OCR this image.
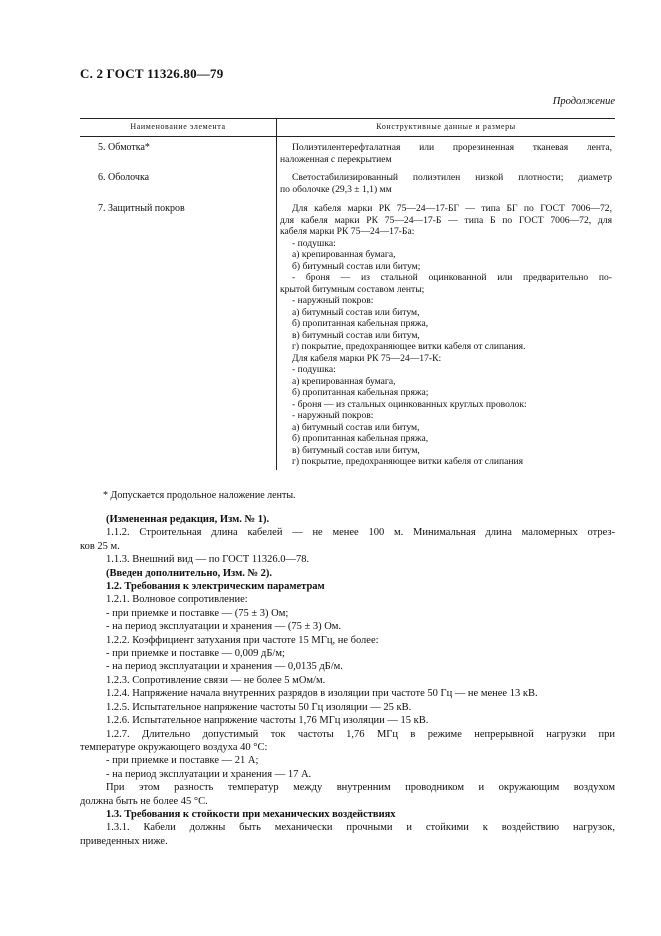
С. 2 ГОСТ 11326.80—79
Продолжение
Наименование элемента	Конструктивные данные и размеры
5. Обмотка*	Полиэтилентерефталатная или прорезиненная тканевая лента,
наложенная с перекрытием
6. Оболочка	Светостабилизированный полиэтилен низкой плотности; диаметр
по оболочке (29,3 ± 1,1) мм
7. Защитный покров	Для кабеля марки РК 75—24—17-БГ — типа БГ по ГОСТ 7006—72,
для кабеля марки РК 75—24—17-Б — типа Б по ГОСТ 7006—72, для
кабеля марки РК 75—24—17-Ба:
- подушка:
а) крепированная бумага,
б) битумный состав или битум;
- броня — из стальной оцинкованной или предварительно по-
крытой битумным составом ленты;
- наружный покров:
а) битумный состав или битум,
б) пропитанная кабельная пряжа,
в) битумный состав или битум,
г) покрытие, предохраняющее витки кабеля от слипания.
Для кабеля марки РК 75—24—17-К:
- подушка:
а) крепированная бумага,
б) пропитанная кабельная пряжа;
- броня — из стальных оцинкованных круглых проволок:
- наружный покров:
а) битумный состав или битум,
б) пропитанная кабельная пряжа,
в) битумный состав или битум,
г) покрытие, предохраняющее витки кабеля от слипания
* Допускается продольное наложение ленты.
(Измененная редакция, Изм. № 1).
1.1.2. Строительная длина кабелей — не менее 100 м. Минимальная длина маломерных отрез-
ков 25 м.
1.1.3. Внешний вид — по ГОСТ 11326.0—78.
(Введен дополнительно, Изм. № 2).
1.2. Требования к электрическим параметрам
1.2.1. Волновое сопротивление:
- при приемке и поставке — (75 ± 3) Ом;
- на период эксплуатации и хранения — (75 ± 3) Ом.
1.2.2. Коэффициент затухания при частоте 15 МГц, не более:
- при приемке и поставке — 0,009 дБ/м;
- на период эксплуатации и хранения — 0,0135 дБ/м.
1.2.3. Сопротивление связи — не более 5 мОм/м.
1.2.4. Напряжение начала внутренних разрядов в изоляции при частоте 50 Гц — не менее 13 кВ.
1.2.5. Испытательное напряжение частоты 50 Гц изоляции — 25 кВ.
1.2.6. Испытательное напряжение частоты 1,76 МГц изоляции — 15 кВ.
1.2.7. Длительно допустимый ток частоты 1,76 МГц в режиме непрерывной нагрузки при
температуре окружающего воздуха 40 °С:
- при приемке и поставке — 21 А;
- на период эксплуатации и хранения — 17 А.
При этом разность температур между внутренним проводником и окружающим воздухом
должна быть не более 45 °С.
1.3. Требования к стойкости при механических воздействиях
1.3.1. Кабели должны быть механически прочными и стойкими к воздействию нагрузок,
приведенных ниже.
